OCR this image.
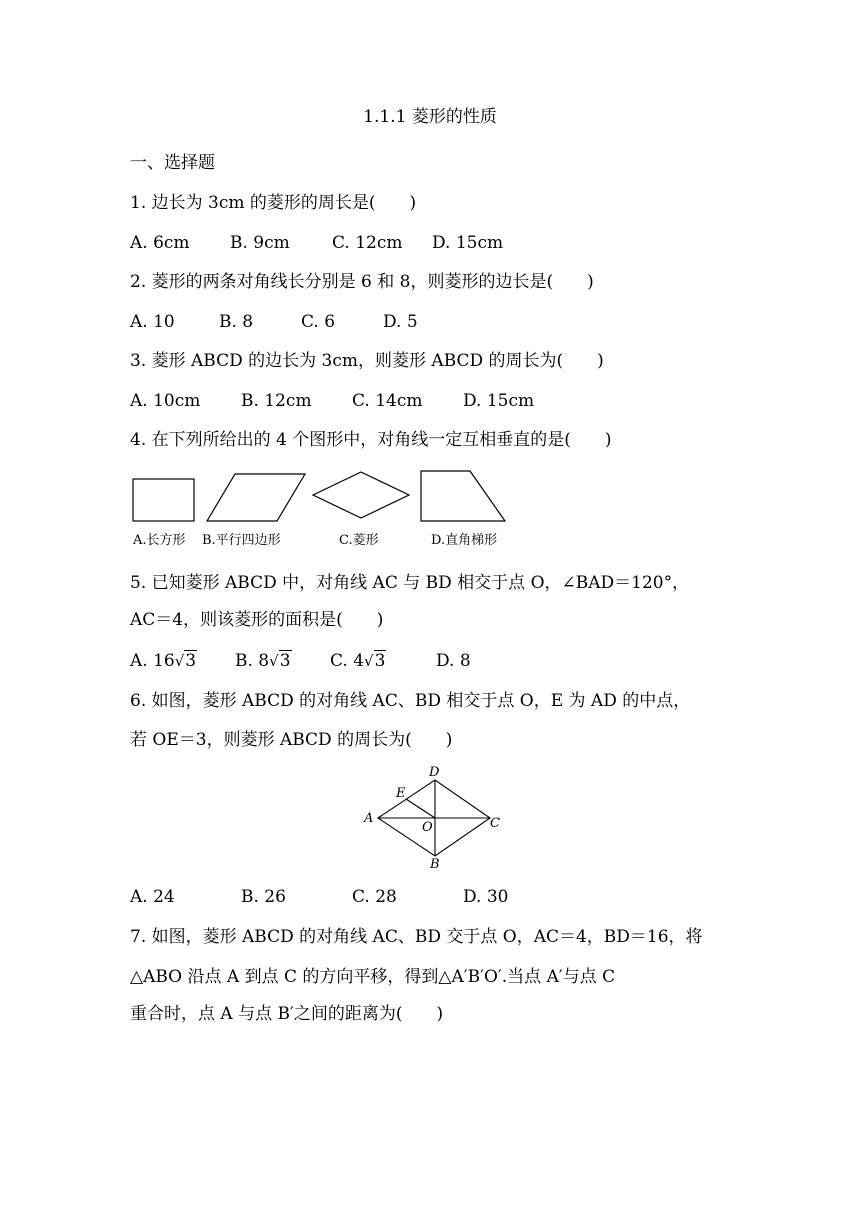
1.1.1 菱形的性质
一、选择题
1. 边长为 3cm 的菱形的周长是(　　)
A. 6cm B. 9cm C. 12cm D. 15cm
2. 菱形的两条对角线长分别是 6 和 8，则菱形的边长是(　　)
A. 10	B. 8	C. 6	D. 5
3. 菱形 ABCD 的边长为 3cm，则菱形 ABCD 的周长为(　　)
A. 10cm B. 12cm C. 14cm D. 15cm
4. 在下列所给出的 4 个图形中，对角线一定互相垂直的是(　　)
A.长方形 B.平行四边形	C.菱形	D.直角梯形
5. 已知菱形 ABCD 中，对角线 AC 与 BD 相交于点 O，∠BAD＝120°，
AC＝4，则该菱形的面积是(　　)
A. 16√3 B. 8√3 C. 4√3	D. 8
6. 如图，菱形 ABCD 的对角线 AC、BD 相交于点 O，E 为 AD 的中点，
若 OE＝3，则菱形 ABCD 的周长为(　　)
D
E
A
O	C
B
A. 24	B. 26	C. 28	D. 30
7. 如图，菱形 ABCD 的对角线 AC、BD 交于点 O，AC＝4，BD＝16，将
△ABO 沿点 A 到点 C 的方向平移，得到△A′B′O′.当点 A′与点 C
重合时，点 A 与点 B′之间的距离为(　　)
